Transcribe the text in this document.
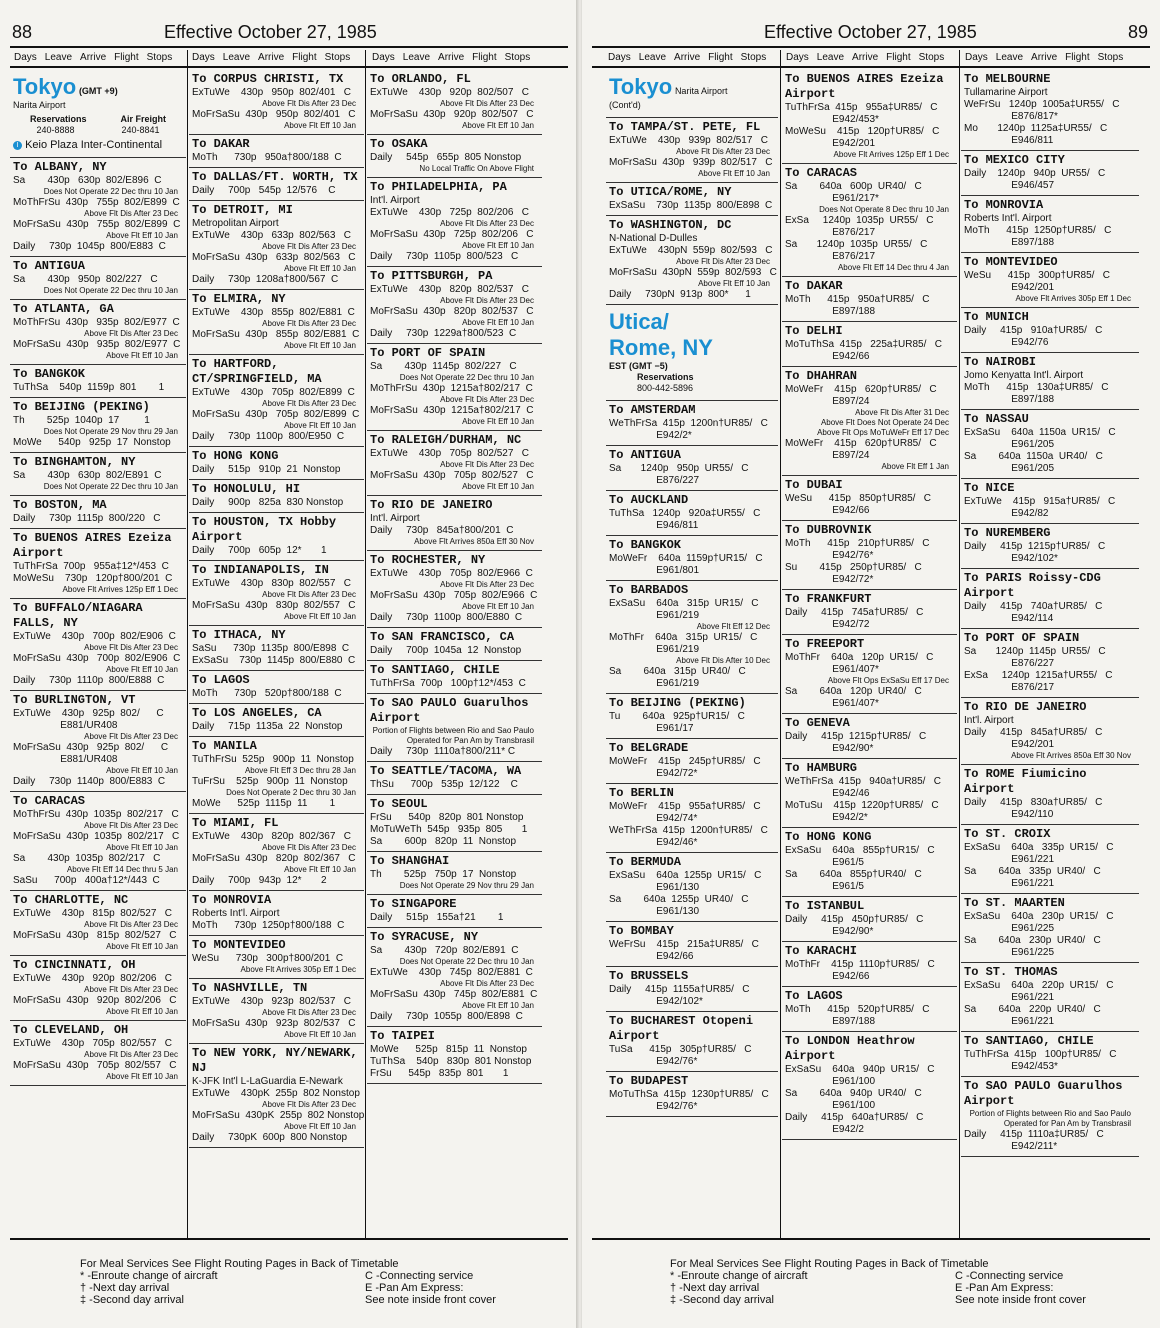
88	Effective October 27, 1985
Days Leave Arrive Flight Stops	Days Leave Arrive Flight Stops	Days Leave Arrive Flight Stops
Tokyo (GMT +9)
Narita Airport
Reservations	Air Freight
240-8888	240-8841
I Keio Plaza Inter-Continental
To ALBANY, NY
Sa        430p   630p  802/E896  C
Does Not Operate 22 Dec thru 10 Jan
MoThFrSu  430p   755p  802/E899  C
Above Flt Dis After 23 Dec
MoFrSaSu  430p   755p  802/E899  C
Above Flt Eff 10 Jan
Daily     730p  1045p  800/E883  C
To ANTIGUA
Sa        430p   950p  802/227   C
Does Not Operate 22 Dec thru 10 Jan
To ATLANTA, GA
MoThFrSu  430p   935p  802/E977  C
Above Flt Dis After 23 Dec
MoFrSaSu  430p   935p  802/E977  C
Above Flt Eff 10 Jan
To BANGKOK
TuThSa    540p  1159p  801        1
To BEIJING (PEKING)
Th        525p  1040p  17         1
Does Not Operate 29 Nov thru 29 Jan
MoWe      540p   925p  17  Nonstop
To BINGHAMTON, NY
Sa        430p   630p  802/E891  C
Does Not Operate 22 Dec thru 10 Jan
To BOSTON, MA
Daily     730p  1115p  800/220   C
To BUENOS AIRES Ezeiza Airport
TuThFrSa  700p   955a‡12*/453  C
MoWeSu    730p   120p†800/201  C
Above Flt Arrives 125p Eff 1 Dec
To BUFFALO/NIAGARA FALLS, NY
ExTuWe    430p   700p  802/E906  C
Above Flt Dis After 23 Dec
MoFrSaSu  430p   700p  802/E906  C
Above Flt Eff 10 Jan
Daily     730p  1110p  800/E888  C
To BURLINGTON, VT
ExTuWe    430p   925p  802/      C
E881/UR408
Above Flt Dis After 23 Dec
MoFrSaSu  430p   925p  802/      C
E881/UR408
Above Flt Eff 10 Jan
Daily     730p  1140p  800/E883  C
To CARACAS
MoThFrSu  430p  1035p  802/217   C
Above Flt Dis After 23 Dec
MoFrSaSu  430p  1035p  802/217   C
Above Flt Eff 10 Jan
Sa        430p  1035p  802/217   C
Above Flt Eff 14 Dec thru 5 Jan
SaSu      700p   400a†12*/443  C
To CHARLOTTE, NC
ExTuWe    430p   815p  802/527   C
Above Flt Dis After 23 Dec
MoFrSaSu  430p   815p  802/527   C
Above Flt Eff 10 Jan
To CINCINNATI, OH
ExTuWe    430p   920p  802/206   C
Above Flt Dis After 23 Dec
MoFrSaSu  430p   920p  802/206   C
Above Flt Eff 10 Jan
To CLEVELAND, OH
ExTuWe    430p   705p  802/557   C
Above Flt Dis After 23 Dec
MoFrSaSu  430p   705p  802/557   C
Above Flt Eff 10 Jan
To CORPUS CHRISTI, TX
ExTuWe    430p   950p  802/401   C
Above Flt Dis After 23 Dec
MoFrSaSu  430p   950p  802/401   C
Above Flt Eff 10 Jan
To DAKAR
MoTh      730p   950a†800/188  C
To DALLAS/FT. WORTH, TX
Daily     700p   545p  12/576    C
To DETROIT, MI
Metropolitan Airport
ExTuWe    430p   633p  802/563   C
Above Flt Dis After 23 Dec
MoFrSaSu  430p   633p  802/563   C
Above Flt Eff 10 Jan
Daily     730p  1208a†800/567  C
To ELMIRA, NY
ExTuWe    430p   855p  802/E881  C
Above Flt Dis After 23 Dec
MoFrSaSu  430p   855p  802/E881  C
Above Flt Eff 10 Jan
To HARTFORD, CT/SPRINGFIELD, MA
ExTuWe    430p   705p  802/E899  C
Above Flt Dis After 23 Dec
MoFrSaSu  430p   705p  802/E899  C
Above Flt Eff 10 Jan
Daily     730p  1100p  800/E950  C
To HONG KONG
Daily     515p   910p  21  Nonstop
To HONOLULU, HI
Daily     900p   825a  830 Nonstop
To HOUSTON, TX Hobby Airport
Daily     700p   605p  12*       1
To INDIANAPOLIS, IN
ExTuWe    430p   830p  802/557   C
Above Flt Dis After 23 Dec
MoFrSaSu  430p   830p  802/557   C
Above Flt Eff 10 Jan
To ITHACA, NY
SaSu      730p  1135p  800/E898  C
ExSaSu    730p  1145p  800/E880  C
To LAGOS
MoTh      730p   520p†800/188  C
To LOS ANGELES, CA
Daily     715p  1135a  22  Nonstop
To MANILA
TuThFrSu  525p   900p  11  Nonstop
Above Flt Eff 3 Dec thru 28 Jan
TuFrSu    525p   900p  11  Nonstop
Does Not Operate 2 Dec thru 30 Jan
MoWe      525p  1115p  11        1
To MIAMI, FL
ExTuWe    430p   820p  802/367   C
Above Flt Dis After 23 Dec
MoFrSaSu  430p   820p  802/367   C
Above Flt Eff 10 Jan
Daily     700p   943p  12*       2
To MONROVIA
Roberts Int'l. Airport
MoTh      730p  1250p†800/188  C
To MONTEVIDEO
WeSu      730p   300p†800/201  C
Above Flt Arrives 305p Eff 1 Dec
To NASHVILLE, TN
ExTuWe    430p   923p  802/537   C
Above Flt Dis After 23 Dec
MoFrSaSu  430p   923p  802/537   C
Above Flt Eff 10 Jan
To NEW YORK, NY/NEWARK, NJ
K-JFK Int'l L-LaGuardia E-Newark
ExTuWe    430pK  255p  802 Nonstop
Above Flt Dis After 23 Dec
MoFrSaSu  430pK  255p  802 Nonstop
Above Flt Eff 10 Jan
Daily     730pK  600p  800 Nonstop
To ORLANDO, FL
ExTuWe    430p   920p  802/507   C
Above Flt Dis After 23 Dec
MoFrSaSu  430p   920p  802/507   C
Above Flt Eff 10 Jan
To OSAKA
Daily     545p   655p  805 Nonstop
No Local Traffic On Above Flight
To PHILADELPHIA, PA
Int'l. Airport
ExTuWe    430p   725p  802/206   C
Above Flt Dis After 23 Dec
MoFrSaSu  430p   725p  802/206   C
Above Flt Eff 10 Jan
Daily     730p  1105p  800/523   C
To PITTSBURGH, PA
ExTuWe    430p   820p  802/537   C
Above Flt Dis After 23 Dec
MoFrSaSu  430p   820p  802/537   C
Above Flt Eff 10 Jan
Daily     730p  1229a†800/523  C
To PORT OF SPAIN
Sa        430p  1145p  802/227   C
Does Not Operate 22 Dec thru 10 Jan
MoThFrSu  430p  1215a†802/217  C
Above Flt Dis After 23 Dec
MoFrSaSu  430p  1215a†802/217  C
Above Flt Eff 10 Jan
To RALEIGH/DURHAM, NC
ExTuWe    430p   705p  802/527   C
Above Flt Dis After 23 Dec
MoFrSaSu  430p   705p  802/527   C
Above Flt Eff 10 Jan
To RIO DE JANEIRO
Int'l. Airport
Daily     730p   845a†800/201  C
Above Flt Arrives 850a Eff 30 Nov
To ROCHESTER, NY
ExTuWe    430p   705p  802/E966  C
Above Flt Dis After 23 Dec
MoFrSaSu  430p   705p  802/E966  C
Above Flt Eff 10 Jan
Daily     730p  1100p  800/E880  C
To SAN FRANCISCO, CA
Daily     700p  1045a  12  Nonstop
To SANTIAGO, CHILE
TuThFrSa  700p   100p†12*/453  C
To SAO PAULO Guarulhos Airport
Portion of Flights between Rio and Sao Paulo
Operated for Pan Am by Transbrasil
Daily     730p  1110a†800/211* C
To SEATTLE/TACOMA, WA
ThSu      700p   535p  12/122    C
To SEOUL
FrSu      540p   820p  801 Nonstop
MoTuWeTh  545p   935p  805       1
Sa        600p   820p  11  Nonstop
To SHANGHAI
Th        525p   750p  17  Nonstop
Does Not Operate 29 Nov thru 29 Jan
To SINGAPORE
Daily     515p   155a†21        1
To SYRACUSE, NY
Sa        430p   720p  802/E891  C
Does Not Operate 22 Dec thru 10 Jan
ExTuWe    430p   745p  802/E881  C
Above Flt Dis After 23 Dec
MoFrSaSu  430p   745p  802/E881  C
Above Flt Eff 10 Jan
Daily     730p  1055p  800/E898  C
To TAIPEI
MoWe      525p   815p  11  Nonstop
TuThSa    540p   830p  801 Nonstop
FrSu      545p   835p  801       1
For Meal Services See Flight Routing Pages in Back of Timetable
* -Enroute change of aircraft
† -Next day arrival
‡ -Second day arrival
C -Connecting service
E -Pan Am Express:
See note inside front cover
Effective October 27, 1985	89
Days Leave Arrive Flight Stops	Days Leave Arrive Flight Stops	Days Leave Arrive Flight Stops
Tokyo Narita Airport
(Cont'd)
To TAMPA/ST. PETE, FL
ExTuWe    430p   939p  802/517   C
Above Flt Dis After 23 Dec
MoFrSaSu  430p   939p  802/517   C
Above Flt Eff 10 Jan
To UTICA/ROME, NY
ExSaSu    730p  1135p  800/E898  C
To WASHINGTON, DC
N-National D-Dulles
ExTuWe    430pN  559p  802/593   C
Above Flt Dis After 23 Dec
MoFrSaSu  430pN  559p  802/593   C
Above Flt Eff 10 Jan
Daily     730pN  913p  800*      1
Utica/
Rome, NY
EST (GMT −5)
Reservations
800-442-5896
To AMSTERDAM
WeThFrSa  415p  1200n†UR85/   C
E942/2*
To ANTIGUA
Sa       1240p   950p  UR55/   C
E876/227
To AUCKLAND
TuThSa   1240p   920a‡UR55/   C
E946/811
To BANGKOK
MoWeFr    640a  1159p†UR15/   C
E961/801
To BARBADOS
ExSaSu    640a   315p  UR15/   C
E961/219
Above Flt Eff 12 Dec
MoThFr    640a   315p  UR15/   C
E961/219
Above Flt Dis After 10 Dec
Sa        640a   315p  UR40/   C
E961/219
To BEIJING (PEKING)
Tu        640a   925p†UR15/   C
E961/17
To BELGRADE
MoWeFr    415p   245p†UR85/   C
E942/72*
To BERLIN
MoWeFr    415p   955a†UR85/   C
E942/74*
WeThFrSa  415p  1200n†UR85/   C
E942/46*
To BERMUDA
ExSaSu    640a  1255p  UR15/   C
E961/130
Sa        640a  1255p  UR40/   C
E961/130
To BOMBAY
WeFrSu    415p   215a‡UR85/   C
E942/66
To BRUSSELS
Daily     415p  1155a†UR85/   C
E942/102*
To BUCHAREST Otopeni Airport
TuSa      415p   305p†UR85/   C
E942/76*
To BUDAPEST
MoTuThSa  415p  1230p†UR85/   C
E942/76*
To BUENOS AIRES Ezeiza Airport
TuThFrSa  415p   955a‡UR85/   C
E942/453*
MoWeSu    415p   120p†UR85/   C
E942/201
Above Flt Arrives 125p Eff 1 Dec
To CARACAS
Sa        640a   600p  UR40/   C
E961/217*
Does Not Operate 8 Dec thru 10 Jan
ExSa     1240p  1035p  UR55/   C
E876/217
Sa       1240p  1035p  UR55/   C
E876/217
Above Flt Eff 14 Dec thru 4 Jan
To DAKAR
MoTh      415p   950a†UR85/   C
E897/188
To DELHI
MoTuThSa  415p   225a‡UR85/   C
E942/66
To DHAHRAN
MoWeFr    415p   620p†UR85/   C
E897/24
Above Flt Dis After 31 Dec
Above Flt Does Not Operate 24 Dec
Above Flt Ops MoTuWeFr Eff 17 Dec
MoWeFr    415p   620p†UR85/   C
E897/24
Above Flt Eff 1 Jan
To DUBAI
WeSu      415p   850p†UR85/   C
E942/66
To DUBROVNIK
MoTh      415p   210p†UR85/   C
E942/76*
Su        415p   250p†UR85/   C
E942/72*
To FRANKFURT
Daily     415p   745a†UR85/   C
E942/72
To FREEPORT
MoThFr    640a   120p  UR15/   C
E961/407*
Above Flt Ops ExSaSu Eff 17 Dec
Sa        640a   120p  UR40/   C
E961/407*
To GENEVA
Daily     415p  1215p†UR85/   C
E942/90*
To HAMBURG
WeThFrSa  415p   940a†UR85/   C
E942/46
MoTuSu    415p  1220p†UR85/   C
E942/2*
To HONG KONG
ExSaSu    640a   855p†UR15/   C
E961/5
Sa        640a   855p†UR40/   C
E961/5
To ISTANBUL
Daily     415p   450p†UR85/   C
E942/90*
To KARACHI
MoThFr    415p  1110p†UR85/   C
E942/66
To LAGOS
MoTh      415p   520p†UR85/   C
E897/188
To LONDON Heathrow Airport
ExSaSu    640a   940p  UR15/   C
E961/100
Sa        640a   940p  UR40/   C
E961/100
Daily     415p   640a†UR85/   C
E942/2
To MELBOURNE
Tullamarine Airport
WeFrSu   1240p  1005a‡UR55/   C
E876/817*
Mo       1240p  1125a‡UR55/   C
E946/811
To MEXICO CITY
Daily    1240p   940p  UR55/   C
E946/457
To MONROVIA
Roberts Int'l. Airport
MoTh      415p  1250p†UR85/   C
E897/188
To MONTEVIDEO
WeSu      415p   300p†UR85/   C
E942/201
Above Flt Arrives 305p Eff 1 Dec
To MUNICH
Daily     415p   910a†UR85/   C
E942/76
To NAIROBI
Jomo Kenyatta Int'l. Airport
MoTh      415p   130a‡UR85/   C
E897/188
To NASSAU
ExSaSu    640a  1150a  UR15/   C
E961/205
Sa        640a  1150a  UR40/   C
E961/205
To NICE
ExTuWe    415p   915a†UR85/   C
E942/82
To NUREMBERG
Daily     415p  1215p†UR85/   C
E942/102*
To PARIS Roissy-CDG Airport
Daily     415p   740a†UR85/   C
E942/114
To PORT OF SPAIN
Sa       1240p  1145p  UR55/   C
E876/227
ExSa     1240p  1215a†UR55/   C
E876/217
To RIO DE JANEIRO
Int'l. Airport
Daily     415p   845a†UR85/   C
E942/201
Above Flt Arrives 850a Eff 30 Nov
To ROME Fiumicino Airport
Daily     415p   830a†UR85/   C
E942/110
To ST. CROIX
ExSaSu    640a   335p  UR15/   C
E961/221
Sa        640a   335p  UR40/   C
E961/221
To ST. MAARTEN
ExSaSu    640a   230p  UR15/   C
E961/225
Sa        640a   230p  UR40/   C
E961/225
To ST. THOMAS
ExSaSu    640a   220p  UR15/   C
E961/221
Sa        640a   220p  UR40/   C
E961/221
To SANTIAGO, CHILE
TuThFrSa  415p   100p†UR85/   C
E942/453*
To SAO PAULO Guarulhos Airport
Portion of Flights between Rio and Sao Paulo
Operated for Pan Am by Transbrasil
Daily     415p  1110a‡UR85/   C
E942/211*
For Meal Services See Flight Routing Pages in Back of Timetable
* -Enroute change of aircraft
† -Next day arrival
‡ -Second day arrival
C -Connecting service
E -Pan Am Express:
See note inside front cover
